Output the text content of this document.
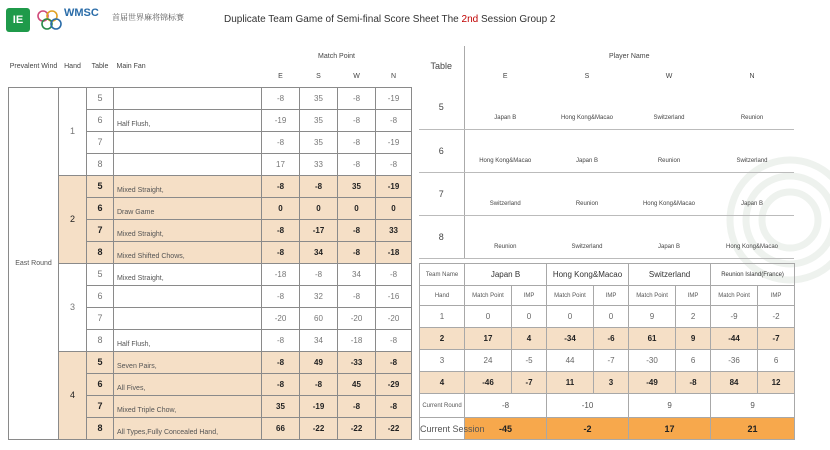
IE
WMSC 首届世界麻将锦标赛	Duplicate Team Game of Semi-final Score Sheet The 2nd Session Group 2
Prevalent Wind	Hand	Table	Main Fan	Match Point			
				E	S	W	N
East Round	1	5		-8	35	-8	-19
		6	Half Flush,	-19	35	-8	-8
		7		-8	35	-8	-19
		8		17	33	-8	-8
	2	5	Mixed Straight,	-8	-8	35	-19
		6	Draw Game	0	0	0	0
		7	Mixed Straight,	-8	-17	-8	33
		8	Mixed Shifted Chows,	-8	34	-8	-18
	3	5	Mixed Straight,	-18	-8	34	-8
		6		-8	32	-8	-16
		7		-20	60	-20	-20
		8	Half Flush,	-8	34	-18	-8
	4	5	Seven Pairs,	-8	49	-33	-8
		6	All Fives,	-8	-8	45	-29
		7	Mixed Triple Chow,	35	-19	-8	-8
		8	All Types,Fully Concealed Hand,	66	-22	-22	-22
Table	Player Name			
	E	S	W	N
5				
	Japan B	Hong Kong&Macao	Switzerland	Reunion
6				
	Hong Kong&Macao	Japan B	Reunion	Switzerland
7				
	Switzerland	Reunion	Hong Kong&Macao	Japan B
8				
	Reunion	Switzerland	Japan B	Hong Kong&Macao
Team Name	Japan B		Hong Kong&Macao		Switzerland		Reunion Island(France)	
Hand	Match Point	IMP	Match Point	IMP	Match Point	IMP	Match Point	IMP
1	0	0	0	0	9	2	-9	-2
2	17	4	-34	-6	61	9	-44	-7
3	24	-5	44	-7	-30	6	-36	6
4	-46	-7	11	3	-49	-8	84	12
Current Round	-8		-10		9		9	
Current Session	-45		-2		17		21	
